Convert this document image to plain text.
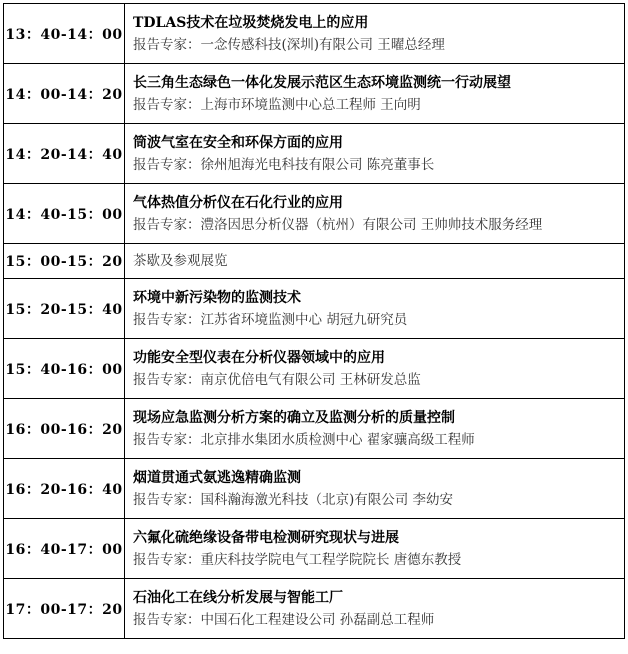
13：40-14：00	TDLAS技术在垃圾焚烧发电上的应用
报告专家：一念传感科技(深圳)有限公司 王曜总经理

14：00-14：20	长三角生态绿色一体化发展示范区生态环境监测统一行动展望
报告专家：上海市环境监测中心总工程师 王向明

14：20-14：40	筒波气室在安全和环保方面的应用
报告专家：徐州旭海光电科技有限公司 陈亮董事长

14：40-15：00	气体热值分析仪在石化行业的应用
报告专家：澧洛因思分析仪器（杭州）有限公司 王帅帅技术服务经理

15：00-15：20	茶歇及参观展览

15：20-15：40	环境中新污染物的监测技术
报告专家：江苏省环境监测中心 胡冠九研究员

15：40-16：00	功能安全型仪表在分析仪器领域中的应用
报告专家：南京优倍电气有限公司 王林研发总监

16：00-16：20	现场应急监测分析方案的确立及监测分析的质量控制
报告专家：北京排水集团水质检测中心 翟家骧高级工程师

16：20-16：40	烟道贯通式氨逃逸精确监测
报告专家：国科瀚海激光科技（北京)有限公司 李幼安

16：40-17：00	六氟化硫绝缘设备带电检测研究现状与进展
报告专家：重庆科技学院电气工程学院院长 唐德东教授

17：00-17：20	石油化工在线分析发展与智能工厂
报告专家：中国石化工程建设公司 孙磊副总工程师
